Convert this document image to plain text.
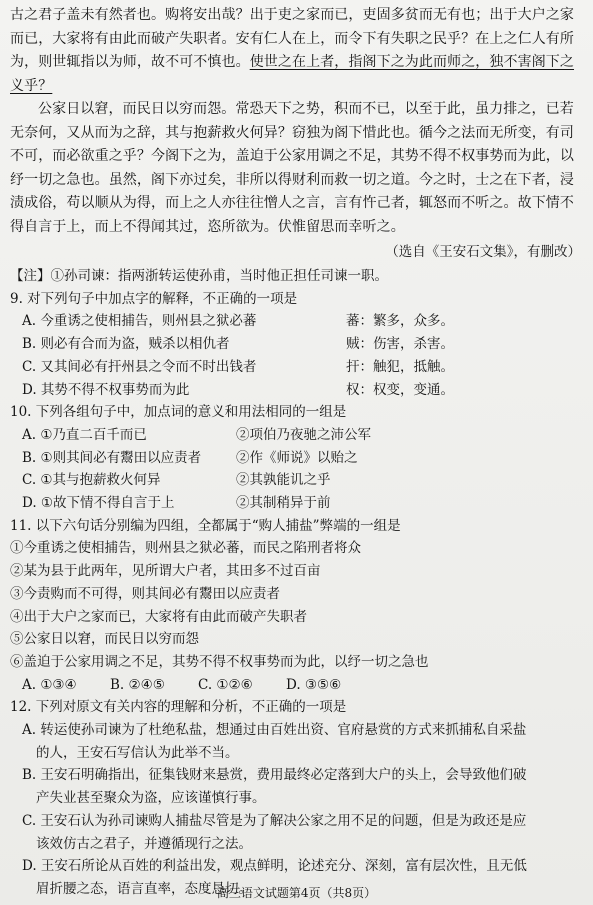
古之君子盖未有然者也。购将安出哉？出于吏之家而已，吏固多贫而无有也；出于大户之家
而已，大家将有由此而破产失职者。安有仁人在上，而令下有失职之民乎？在上之仁人有所
为，则世辄指以为师，故不可不慎也。使世之在上者，指阁下之为此而师之，独不害阁下之
义乎？
公家日以窘，而民日以穷而怨。常恐天下之势，积而不已，以至于此，虽力排之，已若
无奈何，又从而为之辞，其与抱薪救火何异？窃独为阁下惜此也。循今之法而无所变，有司
不可，而必欲重之乎？今阁下之为，盖迫于公家用调之不足，其势不得不权事势而为此，以
纾一切之急也。虽然，阁下亦过矣，非所以得财利而救一切之道。今之时，士之在下者，浸
渍成俗，苟以顺从为得，而上之人亦往往憎人之言，言有忤己者，辄怒而不听之。故下情不
得自言于上，而上不得闻其过，恣所欲为。伏惟留思而幸听之。
（选自《王安石文集》，有删改）
【注】①孙司谏：指两浙转运使孙甫，当时他正担任司谏一职。
9. 对下列句子中加点字的解释，不正确的一项是
A. 今重诱之使相捕告，则州县之狱必蕃	蕃：繁多，众多。
B. 则必有合而为盗，贼杀以相仇者	贼：伤害，杀害。
C. 又其间必有扞州县之令而不时出钱者	扞：触犯，抵触。
D. 其势不得不权事势而为此	权：权变，变通。
10. 下列各组句子中，加点词的意义和用法相同的一组是
A. ①乃直二百千而已	②项伯乃夜驰之沛公军
B. ①则其间必有鬻田以应责者	②作《师说》以贻之
C. ①其与抱薪救火何异	②其孰能讥之乎
D. ①故下情不得自言于上	②其制稍异于前
11. 以下六句话分别编为四组，全都属于“购人捕盐”弊端的一组是
①今重诱之使相捕告，则州县之狱必蕃，而民之陷刑者将众
②某为县于此两年，见所谓大户者，其田多不过百亩
③今责购而不可得，则其间必有鬻田以应责者
④出于大户之家而已，大家将有由此而破产失职者
⑤公家日以窘，而民日以穷而怨
⑥盖迫于公家用调之不足，其势不得不权事势而为此，以纾一切之急也
A. ①③④	B. ②④⑤	C. ①②⑥	D. ③⑤⑥
12. 下列对原文有关内容的理解和分析，不正确的一项是
A. 转运使孙司谏为了杜绝私盐，想通过由百姓出资、官府悬赏的方式来抓捕私自采盐
的人，王安石写信认为此举不当。
B. 王安石明确指出，征集钱财来悬赏，费用最终必定落到大户的头上，会导致他们破
产失业甚至聚众为盗，应该谨慎行事。
C. 王安石认为孙司谏购人捕盐尽管是为了解决公家之用不足的问题，但是为政还是应
该效仿古之君子，并遵循现行之法。
D. 王安石所论从百姓的利益出发，观点鲜明，论述充分、深刻，富有层次性，且无低
眉折腰之态，语言直率，态度恳切。
高三语文试题第4页（共8页）
